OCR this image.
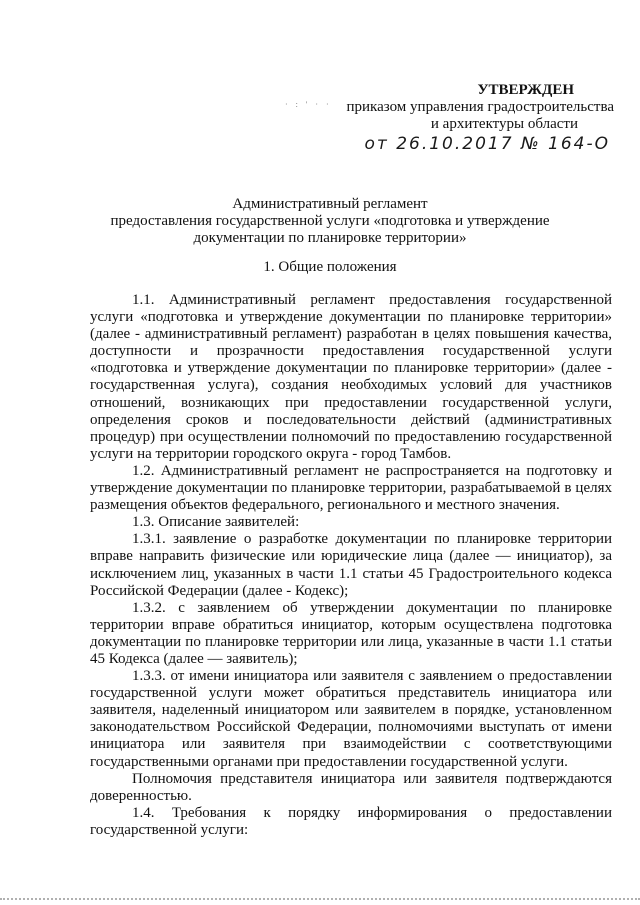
· : ' · ·
УТВЕРЖДЕН
приказом управления градостроительства
и архитектуры области
от 26.10.2017 № 164-О
Административный регламент
предоставления государственной услуги «подготовка и утверждение
документации по планировке территории»
1. Общие положения

1.1. Административный регламент предоставления государственной услуги «подготовка и утверждение документации по планировке территории» (далее - административный регламент) разработан в целях повышения качества, доступности и прозрачности предоставления государственной услуги «подготовка и утверждение документации по планировке территории» (далее - государственная услуга), создания необходимых условий для участников отношений, возникающих при предоставлении государственной услуги, определения сроков и последовательности действий (административных процедур) при осуществлении полномочий по предоставлению государственной услуги на территории городского округа - город Тамбов.

1.2. Административный регламент не распространяется на подготовку и утверждение документации по планировке территории, разрабатываемой в целях размещения объектов федерального, регионального и местного значения.

1.3. Описание заявителей:

1.3.1. заявление о разработке документации по планировке территории вправе направить физические или юридические лица (далее — инициатор), за исключением лиц, указанных в части 1.1 статьи 45 Градостроительного кодекса Российской Федерации (далее - Кодекс);

1.3.2. с заявлением об утверждении документации по планировке территории вправе обратиться инициатор, которым осуществлена подготовка документации по планировке территории или лица, указанные в части 1.1 статьи 45 Кодекса (далее — заявитель);

1.3.3. от имени инициатора или заявителя с заявлением о предоставлении государственной услуги может обратиться представитель инициатора или заявителя, наделенный инициатором или заявителем в порядке, установленном законодательством Российской Федерации, полномочиями выступать от имени инициатора или заявителя при взаимодействии с соответствующими государственными органами при предоставлении государственной услуги.

Полномочия представителя инициатора или заявителя подтверждаются доверенностью.

1.4. Требования к порядку информирования о предоставлении государственной услуги:
